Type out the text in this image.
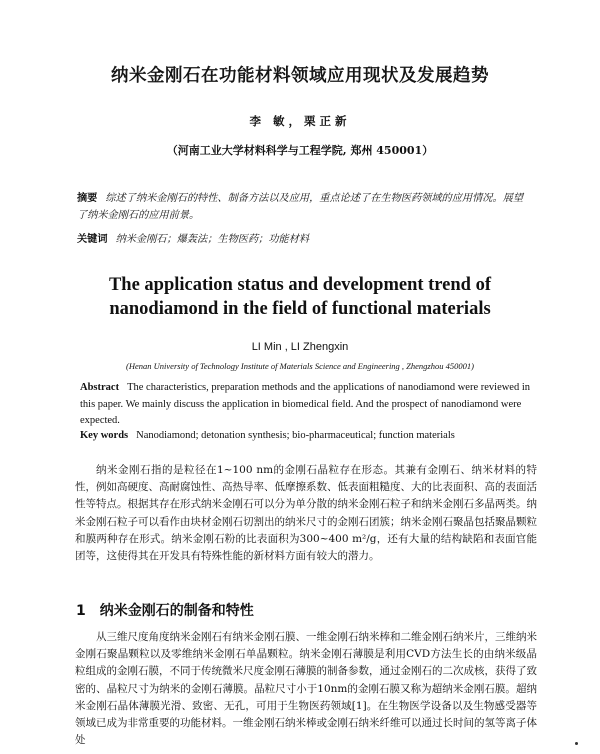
纳米金刚石在功能材料领域应用现状及发展趋势
李 敏，栗正新
（河南工业大学材料科学与工程学院, 郑州 450001）
摘要 综述了纳米金刚石的特性、制备方法以及应用，重点论述了在生物医药领域的应用情况。展望了纳米金刚石的应用前景。
关键词 纳米金刚石；爆轰法；生物医药；功能材料
The application status and development trend of
nanodiamond in the field of functional materials
LI Min , LI Zhengxin
(Henan University of Technology Institute of Materials Science and Engineering , Zhengzhou 450001)
Abstract The characteristics, preparation methods and the applications of nanodiamond were reviewed in this paper. We mainly discuss the application in biomedical field. And the prospect of nanodiamond were expected.
Key words Nanodiamond; detonation synthesis; bio-pharmaceutical; function materials

纳米金刚石指的是粒径在1~100 nm的金刚石晶粒存在形态。其兼有金刚石、纳米材料的特性，例如高硬度、高耐腐蚀性、高热导率、低摩擦系数、低表面粗糙度、大的比表面积、高的表面活性等特点。根据其存在形式纳米金刚石可以分为单分散的纳米金刚石粒子和纳米金刚石多晶两类。纳米金刚石粒子可以看作由块材金刚石切割出的纳米尺寸的金刚石团簇；纳米金刚石聚晶包括聚晶颗粒和膜两种存在形式。纳米金刚石粉的比表面积为300~400 m²/g，还有大量的结构缺陷和表面官能团等，这使得其在开发具有特殊性能的新材料方面有较大的潜力。

1 纳米金刚石的制备和特性

从三维尺度角度纳米金刚石有纳米金刚石膜、一维金刚石纳米棒和二维金刚石纳米片，三维纳米金刚石聚晶颗粒以及零维纳米金刚石单晶颗粒。纳米金刚石薄膜是利用CVD方法生长的由纳米级晶粒组成的金刚石膜，不同于传统微米尺度金刚石薄膜的制备参数，通过金刚石的二次成核，获得了致密的、晶粒尺寸为纳米的金刚石薄膜。晶粒尺寸小于10nm的金刚石膜又称为超纳米金刚石膜。超纳米金刚石晶体薄膜光滑、致密、无孔，可用于生物医药领域[1]。在生物医学设备以及生物感受器等领域已成为非常重要的功能材料。一维金刚石纳米棒或金刚石纳米纤维可以通过长时间的氢等离子体处
